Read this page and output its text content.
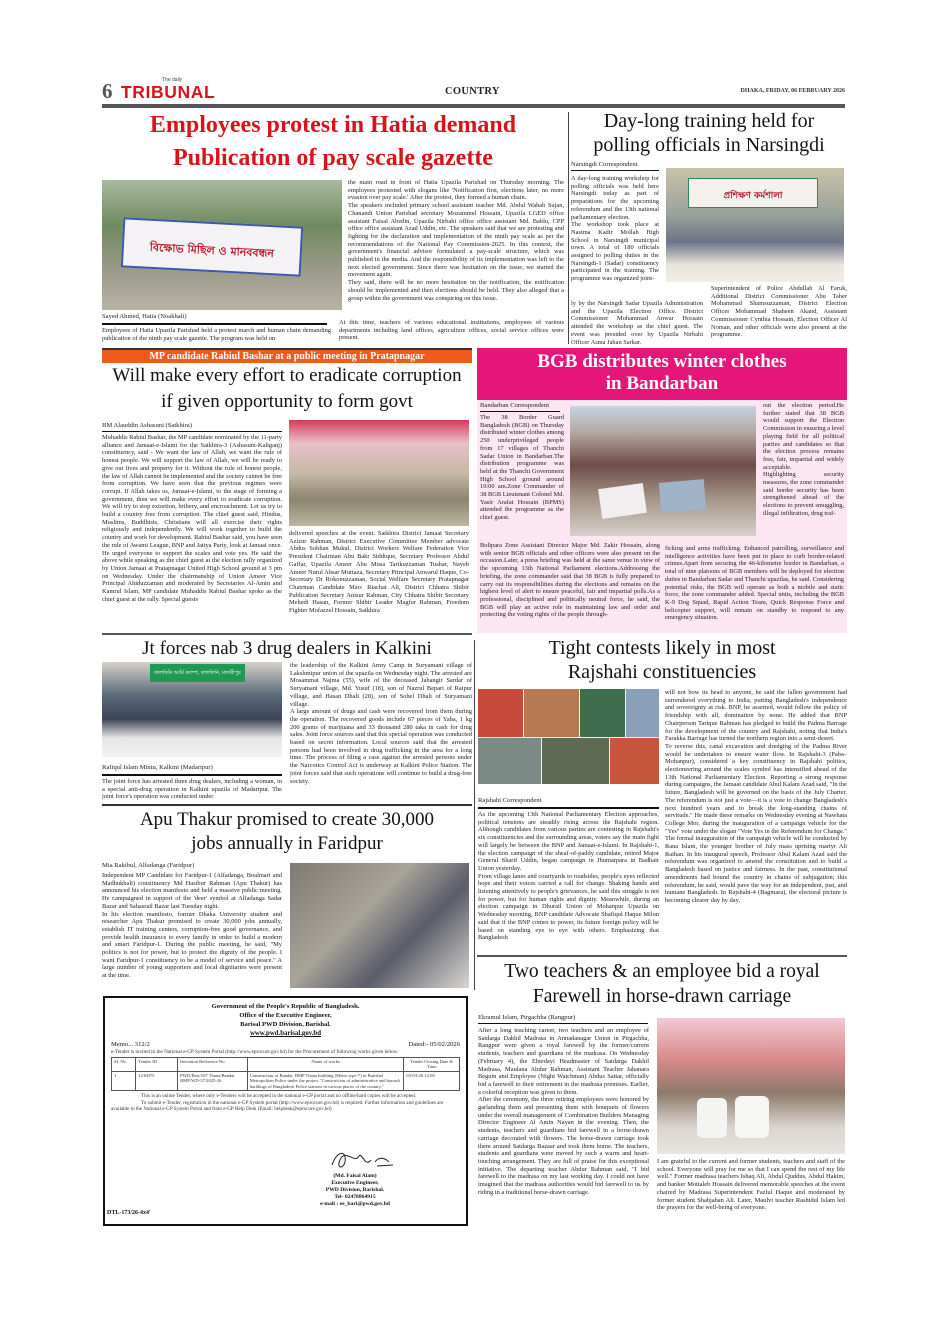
6	The daily
TRIBUNAL	COUNTRY	DHAKA, FRIDAY, 06 FEBRUARY 2026
Employees protest in Hatia demand
Publication of pay scale gazette
বিক্ষোভ মিছিল ও মানববন্ধন
Sayed Ahmed, Hatia (Noakhali)
Employees of Hatia Upazila Parishad held a protest march and human chain demanding publication of the ninth pay scale gazette. The program was held on
the main road in front of Hatia Upazila Parishad on Thursday morning. The employees protested with slogans like 'Notification first, elections later, no more evasion over pay scale.' After the protest, they formed a human chain.
The speakers included primary school assistant teacher Md. Abdul Wahab Sujan, Chanandi Union Parishad secretary Mozammel Hossain, Upazila LGED office assistant Faisal Abedin, Upazila Nirbahi office office assistant Md. Bablu, CPP office office assistant Azad Uddin, etc. The speakers said that we are protesting and fighting for the declaration and implementation of the ninth pay scale as per the recommendations of the National Pay Commission-2025. In this context, the government's financial advisor formulated a pay-scale structure, which was published in the media. And the responsibility of its implementation was left to the next elected government. Since there was hesitation on the issue, we started the movement again.
They said, there will be no more hesitation on the notification, the notification should be implemented and then elections should be held. They also alleged that a group within the government was conspiring on this issue.
At this time, teachers of various educational institutions, employees of various departments including land offices, agriculture offices, social service offices were present.
Day-long training held for
polling officials in Narsingdi
Narsingdi Correspondent
A day-long training workshop for polling officials was held here Narsingdi today as part of preparations for the upcoming referendum and the 13th national parliamentary election.
The workshop took place at Nasima Kadir Mollah High School in Narsingdi municipal town. A total of 180 officials assigned to polling duties in the Narsingdi-1 (Sadar) constituency participated in the training. The programme was organized joint-
প্রশিক্ষণ কর্মশালা
ly by the Narsingdi Sadar Upazila Administration and the Upazila Election Office. District Commissioner Mohammad Anwar Hossain attended the workshop as the chief guest. The event was presided over by Upazila Nirbahi Officer Asma Jahan Sarkar.
Superintendent of Police Abdullah Al Faruk, Additional District Commissioner Abu Taher Mohammad Shamsuzzaman, District Election Officer Mohammad Shaheen Akand, Assistant Commissioner Cynthia Hossain, Election Officer Al Noman, and other officials were also present at the programme.
MP candidate Rabiul Bashar at a public meeting in Pratapnagar
Will make every effort to eradicate corruption
if given opportunity to form govt
BM Alauddin Ashasuni (Satkhira)
Muhaddis Rabiul Bashar, the MP candidate nominated by the 11-party alliance and Jamaat-e-Islami for the Satkhira-3 (Ashasuni-Kaliganj) constituency, said - We want the law of Allah, we want the rule of honest people. We will support the law of Allah, we will be ready to give our lives and property for it. Without the rule of honest people, the law of Allah cannot be implemented and the society cannot be free from corruption. We have seen that the previous regimes were corrupt. If Allah takes us, Jamaat-e-Islami, to the stage of forming a government, then we will make every effort to eradicate corruption. We will try to stop extortion, bribery, and encroachment. Let us try to build a country free from corruption. The chief guest said, Hindus, Muslims, Buddhists, Christians will all exercise their rights religiously and independently. We will work together to build the country and work for development. Rabiul Bashar said, you have seen the rule of Awami League, BNP and Jatiya Party, look at Jamaat once. He urged everyone to support the scales and vote yes. He said the above while speaking as the chief guest at the election rally organized by Union Jamaat at Pratapnagar United High School ground at 3 pm on Wednesday. Under the chairmanship of Union Ameer Vice Principal Ahiduzzaman and moderated by Secretaries Al-Amin and Kamrul Islam, MP candidate Muhaddis Rabiul Bashar spoke as the chief guest at the rally. Special guests
delivered speeches at the event. Satkhira District Jamaat Secretary Azizur Rahman, District Executive Committee Member advocate Abdus Sobhan Mukul, District Workers Welfare Federation Vice President Chairman Abu Bakr Siddique, Secretary Professor Abdul Gaffar, Upazila Ameer Abu Musa Tarikuzzaman Tushar, Nayeb Ameer Nurul Absar Murtaza, Secretary Principal Anwarul Haque, Co-Secretary Dr Rokonuzzaman, Social Welfare Secretary Pratapnagar Chairman Candidate Mao: Riachat Ali, District Chhatra Shibir Publication Secretary Anisur Rahman, City Chhatra Shibir Secretary Mehedi Hasan, Former Shibir Leader Magfur Rahman, Freedom Fighter Mofazzel Hossain, Satkhira
BGB distributes winter clothes
in Bandarban
Bandarban Correspondent
The 38 Border Guard Bangladesh (BGB) on Thursday distributed winter clothes among 250 underprivileged people from 17 villages of Thanchi Sadar Union in Bandarban.The distribution programme was held at the Thanchi Government High School ground around 10:00 am.Zone Commander of 38 BGB Lieutenant Colonel Md. Yasir Arafat Hossain (BPMS) attended the programme as the chief guest.
out the election period.He further stated that 38 BGB would support the Election Commission in ensuring a level playing field for all political parties and candidates so that the election process remains free, fair, impartial and widely acceptable.
Highlighting security measures, the zone commander said border security has been strengthened ahead of the elections to prevent smuggling, illegal infiltration, drug traf-
Bolipara Zone Assistant Director Major Md. Zakir Hossain, along with senior BGB officials and other officers were also present on the occasion.Later, a press briefing was held at the same venue in view of the upcoming 13th National Parliament elections.Addressing the briefing, the zone commander said that 38 BGB is fully prepared to carry out its responsibilities during the elections and remains on the highest level of alert to ensure peaceful, fair and impartial polls.As a professional, disciplined and politically neutral force, he said, the BGB will play an active role in maintaining law and order and protecting the voting rights of the people through-
ficking and arms trafficking. Enhanced patrolling, surveillance and intelligence activities have been put in place to curb border-related crimes.Apart from securing the 46-kilometre border in Bandarban, a total of nine platoons of BGB members will be deployed for election duties in Bandarban Sadar and Thanchi upazilas, he said. Considering potential risks, the BGB will operate as both a mobile and static force, the zone commander added. Special units, including the BGB K-9 Dog Squad, Rapid Action Team, Quick Response Force and helicopter support, will remain on standby to respond to any emergency situation.
Jt forces nab 3 drug dealers in Kalkini
কালকিনি আর্মি ক্যাম্প, কালকিনি, মাদারীপুর
Rafiqul Islam Mintu, Kalkini (Madaripur)
The joint force has arrested three drug dealers, including a woman, in a special anti-drug operation in Kalkini upazila of Madaripur. The joint force's operation was conducted under
the leadership of the Kalkini Army Camp in Suryamani village of Lakshmipur union of the upazila on Wednesday night. The arrested are Mosammat Najma (55), wife of the deceased Jahangir Sardar of Suryamani village, Md. Yusuf (18), son of Nazrul Bepari of Raipur village, and Hasan Dhali (28), son of Sohel Dhali of Suryamani village.
A large amount of drugs and cash were recovered from them during the operation. The recovered goods include 67 pieces of Yaba, 1 kg 200 grams of marijuana and 33 thousand 280 taka in cash for drug sales. Joint force sources said that this special operation was conducted based on secret information. Local sources said that the arrested persons had been involved in drug trafficking in the area for a long time. The process of filing a case against the arrested persons under the Narcotics Control Act is underway at Kalkini Police Station. The joint forces said that such operations will continue to build a drug-free society.
Tight contests likely in most
Rajshahi constituencies
Rajshahi Correspondent
As the upcoming 13th National Parliamentary Election approaches, political tensions are steadily rising across the Rajshahi region. Although candidates from various parties are contesting in Rajshahi's six constituencies and the surrounding areas, voters say the main fight will largely be between the BNP and Jamaat-e-Islami. In Rajshahi-1, the election campaign of the sheaf-of-paddy candidate, retired Major General Sharif Uddin, began campaign in Jhumarpara in Badhair Union yesterday.
From village lanes and courtyards to roadsides, people's eyes reflected hope and their voices carried a call for change. Shaking hands and listening attentively to people's grievances, he said this struggle is not for power, but for human rights and dignity. Meanwhile, during an election campaign in Dhurail Union of Mohanpur Upazila on Wednesday morning, BNP candidate Advocate Shafiqul Haque Milon said that if the BNP comes to power, its future foreign policy will be based on standing eye to eye with others. Emphasizing that Bangladesh
will not bow its head to anyone, he said the fallen government had surrendered everything to India, putting Bangladesh's independence and sovereignty at risk. BNP, he asserted, would follow the policy of friendship with all, domination by none. He added that BNP Chairperson Tarique Rahman has pledged to build the Padma Barrage for the development of the country and Rajshahi, noting that India's Farakka Barrage has turned the northern region into a semi-desert.
To reverse this, canal excavation and dredging of the Padma River would be undertaken to ensure water flow. In Rajshahi-3 (Paba–Mohanpur), considered a key constituency in Rajshahi politics, electioneering around the scales symbol has intensified ahead of the 13th National Parliamentary Election. Reporting a strong response during campaigns, the Jamaat candidate Abul Kalam Azad said, "In the future, Bangladesh will be governed on the basis of the July Charter. The referendum is not just a vote—it is a vote to change Bangladesh's next hundred years and to break the long-standing chains of servitude." He made these remarks on Wednesday evening at Nawhata College Mor, during the inauguration of a campaign vehicle for the "Yes" vote under the slogan "Vote Yes in the Referendum for Change." The formal inauguration of the campaign vehicle will be conducted by Rana Islam, the younger brother of July mass uprising martyr Ali Raihan. In his inaugural speech, Professor Abul Kalam Azad said the referendum was organized to amend the constitution and to build a Bangladesh based on justice and fairness. In the past, constitutional amendments had bound the country in chains of subjugation; this referendum, he said, would pave the way for an independent, just, and humane Bangladesh. In Rajshahi-4 (Bagmara), the electoral picture is becoming clearer day by day.
Apu Thakur promised to create 30,000
jobs annually in Faridpur
Mia Rakibul, Alfadanga (Faridpur)
Independent MP Candidate for Faridpur-1 (Alfadanga, Boalmari and Madhukhali) constituency Md Hasibur Rahman (Apu Thakur) has announced his election manifesto and held a massive public meeting. He campaigned in support of the 'deer' symbol at Alfadanga Sadar Bazar and Sahasrail Bazar last Tuesday night.
In his election manifesto, former Dhaka University student and researcher Apu Thakur promised to create 30,000 jobs annually, establish IT training centers, corruption-free good governance, and provide health insurance to every family in order to build a modern and smart Faridpur-1. During the public meeting, he said, "My politics is not for power, but to protect the dignity of the people. I want Faridpur-1 constituency to be a model of service and peace." A large number of young supporters and local dignitaries were present at the time.
Government of the People's Republic of Bangladesh.
Office of the Executive Engineer,
Barisal PWD Division, Barishal.
www.pwd.barisal.gov.bd
Memo... 312/2	Dated:- 05/02/2026
e-Tender is invited in the National e-GP System Portal (http://www.eprocure.gov.bd) for the Procurement of following works given below:
SL No	Tender ID	Invitation Reference No.	Name of works	Tender Closing Date & Time
1	1210075	PWD/Bari/107 Thana/Bandar BMP/WD-37/2025-26	Construction of Bandar, BMP Thana building (Metro type-7) in Barishal Metropolitan Police under the project "Construction of administrative and barrack buildings of Bangladesh Police stations in various places of the country."	05-03-26 12:00
This is an online Tender, where only e-Tenders will be accepted in the national e-GP portal and no offline/hard copies will be accepted.
To submit e-Tender, registration in the national e-GP System portal (http://www.eprocure.gov.bd) is required. Further information and guidelines are available in the National e-GP System Portal and from e-GP Help Desk (Email: helpdesk@eprocure.gov.bd)
(Md. Faisal Alam)
Executive Engineer,
PWD Division, Barishal.
Tel- 02478864915
e-mail : ee_bari@pwd.gov.bd
DTL-173/26-4x4'
Two teachers & an employee bid a royal
Farewell in horse-drawn carriage
Ekramul Islam, Pirgachha (Rangpur)
After a long teaching career, two teachers and an employee of Satdarga Dakhil Madrasa in Annadanagar Union in Pirgachha, Rangpur were given a royal farewell by the former/current students, teachers and guardians of the madrasa. On Wednesday (February 4), the Ebtedayi Headmaster of Satdarga Dakhil Madrasa, Maulana Abdur Rahman, Assistant Teacher Jahanara Begum and Employee (Night Watchman) Abdus Sattar, officially bid a farewell to their retirement in the madrasa premises. Earlier, a colorful reception was given to them.
After the ceremony, the three retiring employees were honored by garlanding them and presenting them with bouquets of flowers under the overall management of Combination Builders Managing Director Engineer Al Amin Nayan in the evening. Then, the students, teachers and guardians bid farewell in a horse-drawn carriage decorated with flowers. The horse-drawn carriage took them around Satdarga Bazaar and took them home. The teachers, students and guardians were moved by such a warm and heart-touching arrangement. They are full of praise for this exceptional initiative. The departing teacher Abdur Rahman said, "I bid farewell to the madrasa on my last working day. I could not have imagined that the madrasa authorities would bid farewell to us by riding in a traditional horse-drawn carriage.
I am grateful to the current and former students, teachers and staff of the school. Everyone will pray for me so that I can spend the rest of my life well." Former madrasa teachers Ishaq Ali, Abdul Quddus, Abdul Hakim, and banker Mottaleb Hossain delivered memorable speeches at the event chaired by Madrasa Superintendent Fazlul Haque and moderated by former student Shahjahan Ali. Later, Maulvi teacher Rashidul Islam led the prayers for the well-being of everyone.
